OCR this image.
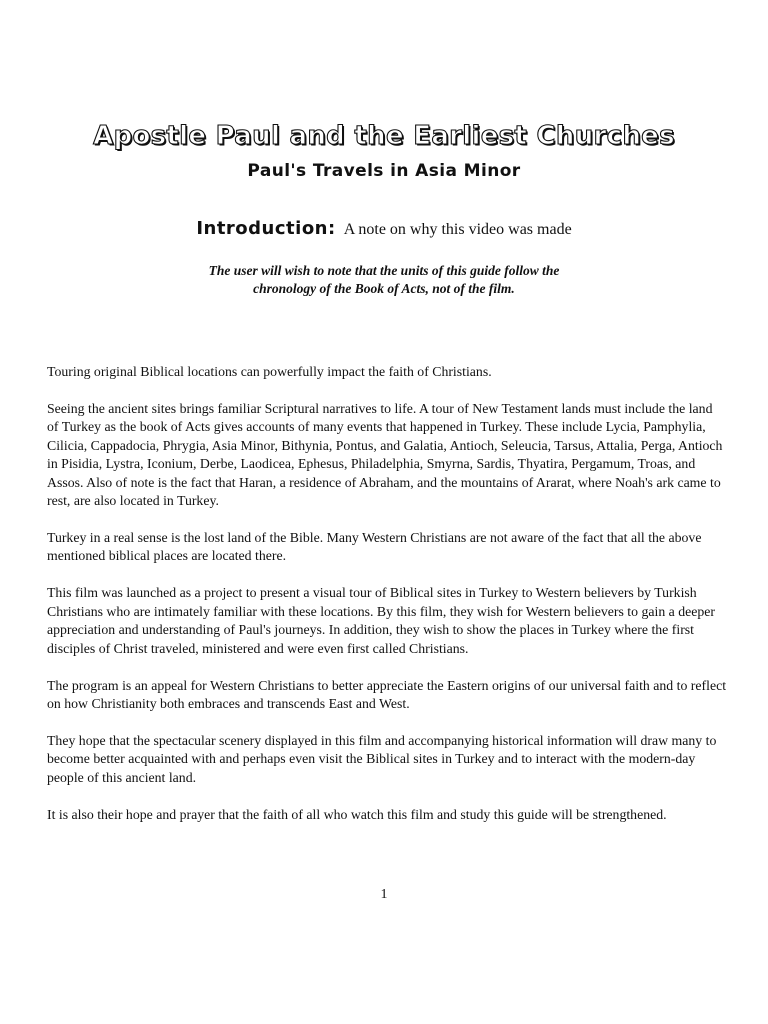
Apostle Paul and the Earliest Churches
Paul's Travels in Asia Minor
Introduction: A note on why this video was made
The user will wish to note that the units of this guide follow the
chronology of the Book of Acts, not of the film.

Touring original Biblical locations can powerfully impact the faith of Christians.

Seeing the ancient sites brings familiar Scriptural narratives to life. A tour of New Testament lands must include the land of Turkey as the book of Acts gives accounts of many events that happened in Turkey. These include Lycia, Pamphylia, Cilicia, Cappadocia, Phrygia, Asia Minor, Bithynia, Pontus, and Galatia, Antioch, Seleucia, Tarsus, Attalia, Perga, Antioch in Pisidia, Lystra, Iconium, Derbe, Laodicea, Ephesus, Philadelphia, Smyrna, Sardis, Thyatira, Pergamum, Troas, and Assos. Also of note is the fact that Haran, a residence of Abraham, and the mountains of Ararat, where Noah's ark came to rest, are also located in Turkey.

Turkey in a real sense is the lost land of the Bible. Many Western Christians are not aware of the fact that all the above mentioned biblical places are located there.

This film was launched as a project to present a visual tour of Biblical sites in Turkey to Western believers by Turkish Christians who are intimately familiar with these locations. By this film, they wish for Western believers to gain a deeper appreciation and understanding of Paul's journeys. In addition, they wish to show the places in Turkey where the first disciples of Christ traveled, ministered and were even first called Christians.

The program is an appeal for Western Christians to better appreciate the Eastern origins of our universal faith and to reflect on how Christianity both embraces and transcends East and West.

They hope that the spectacular scenery displayed in this film and accompanying historical information will draw many to become better acquainted with and perhaps even visit the Biblical sites in Turkey and to interact with the modern-day people of this ancient land.

It is also their hope and prayer that the faith of all who watch this film and study this guide will be strengthened.

1
